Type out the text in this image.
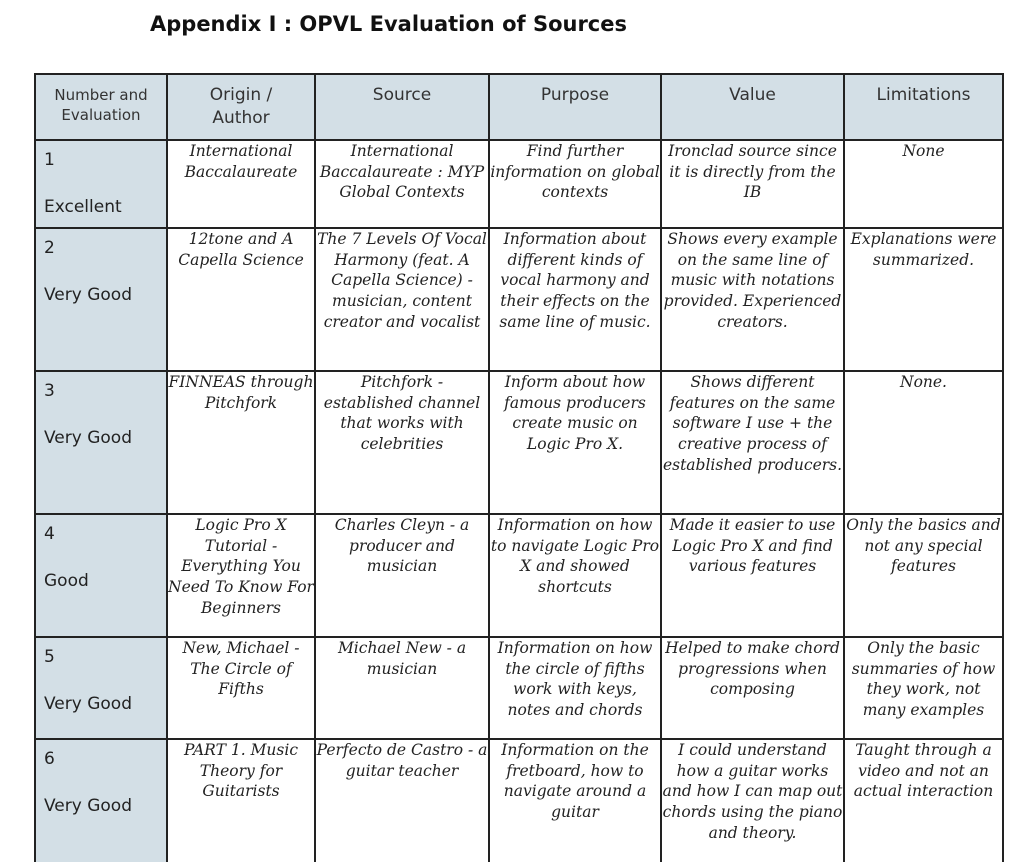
Appendix I : OPVL Evaluation of Sources
Number and
Evaluation	Origin /
Author	Source	Purpose	Value	Limitations

1
Excellent	International Baccalaureate	International Baccalaureate : MYP Global Contexts	Find further information on global contexts	Ironclad source since it is directly from the IB	None

2
Very Good	12tone and A Capella Science	The 7 Levels Of Vocal Harmony (feat. A Capella Science) - musician, content creator and vocalist	Information about different kinds of vocal harmony and their effects on the same line of music.	Shows every example on the same line of music with notations provided. Experienced creators.	Explanations were summarized.

3
Very Good	FINNEAS through Pitchfork	Pitchfork - established channel that works with celebrities	Inform about how famous producers create music on Logic Pro X.	Shows different features on the same software I use + the creative process of established producers.	None.

4
Good	Logic Pro X Tutorial - Everything You Need To Know For Beginners	Charles Cleyn - a producer and musician	Information on how to navigate Logic Pro X and showed shortcuts	Made it easier to use Logic Pro X and find various features	Only the basics and not any special features

5
Very Good	New, Michael - The Circle of Fifths	Michael New - a musician	Information on how the circle of fifths work with keys, notes and chords	Helped to make chord progressions when composing	Only the basic summaries of how they work, not many examples

6
Very Good	PART 1. Music Theory for Guitarists	Perfecto de Castro - a guitar teacher	Information on the fretboard, how to navigate around a guitar	I could understand how a guitar works and how I can map out chords using the piano and theory.	Taught through a video and not an actual interaction
